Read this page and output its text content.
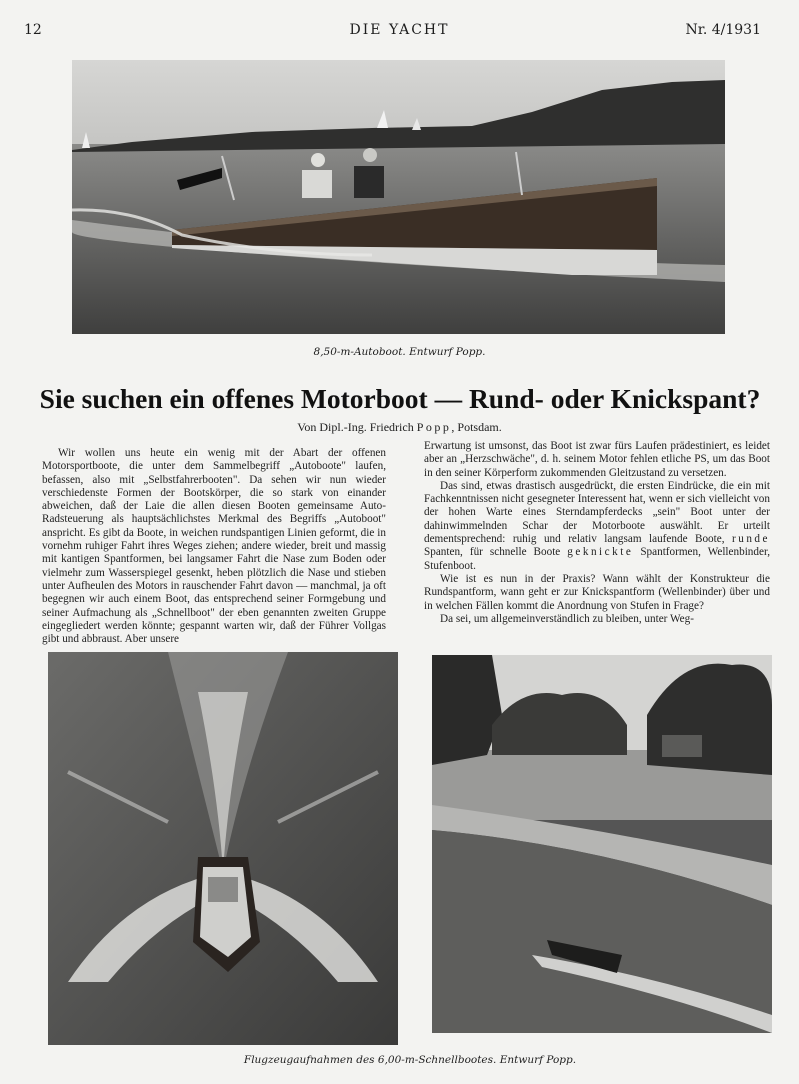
12	DIE YACHT	Nr. 4/1931
8,50-m-Autoboot. Entwurf Popp.
Sie suchen ein offenes Motorboot — Rund- oder Knickspant?
Von Dipl.-Ing. Friedrich Popp, Potsdam.

Wir wollen uns heute ein wenig mit der Abart der offenen Motorsportboote, die unter dem Sammelbegriff „Autoboote" laufen, befassen, also mit „Selbstfahrerbooten". Da sehen wir nun wieder verschiedenste Formen der Bootskörper, die so stark von einander abweichen, daß der Laie die allen diesen Booten gemeinsame Auto-Radsteuerung als hauptsächlichstes Merkmal des Begriffs „Autoboot" anspricht. Es gibt da Boote, in weichen rundspantigen Linien geformt, die in vornehm ruhiger Fahrt ihres Weges ziehen; andere wieder, breit und massig mit kantigen Spantformen, bei langsamer Fahrt die Nase zum Boden oder vielmehr zum Wasserspiegel gesenkt, heben plötzlich die Nase und stieben unter Aufheulen des Motors in rauschender Fahrt davon — manchmal, ja oft begegnen wir auch einem Boot, das entsprechend seiner Formgebung und seiner Aufmachung als „Schnellboot" der eben genannten zweiten Gruppe eingegliedert werden könnte; gespannt warten wir, daß der Führer Vollgas gibt und abbraust. Aber unsere

Erwartung ist umsonst, das Boot ist zwar fürs Laufen prädestiniert, es leidet aber an „Herzschwäche", d. h. seinem Motor fehlen etliche PS, um das Boot in den seiner Körperform zukommenden Gleitzustand zu versetzen.

Das sind, etwas drastisch ausgedrückt, die ersten Eindrücke, die ein mit Fachkenntnissen nicht gesegneter Interessent hat, wenn er sich vielleicht von der hohen Warte eines Sterndampferdecks „sein" Boot unter der dahinwimmelnden Schar der Motorboote auswählt. Er urteilt dementsprechend: ruhig und relativ langsam laufende Boote, runde Spanten, für schnelle Boote geknickte Spantformen, Wellenbinder, Stufenboot.

Wie ist es nun in der Praxis? Wann wählt der Konstrukteur die Rundspantform, wann geht er zur Knickspantform (Wellenbinder) über und in welchen Fällen kommt die Anordnung von Stufen in Frage?

Da sei, um allgemeinverständlich zu bleiben, unter Weg-

Flugzeugaufnahmen des 6,00-m-Schnellbootes. Entwurf Popp.
